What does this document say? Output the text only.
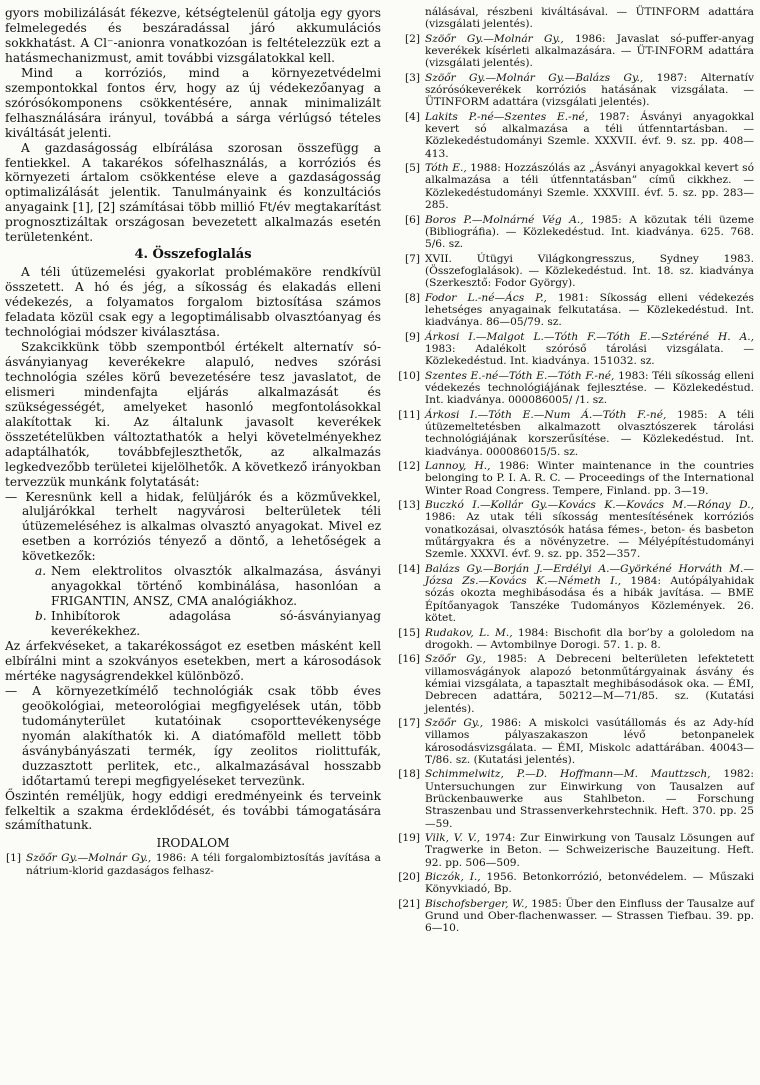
gyors mobilizálását fékezve, kétségtelenül gátolja egy gyors felmelegedés és beszáradással járó akkumulációs sokkhatást. A Cl⁻-anionra vonatkozóan is feltételezzük ezt a hatásmechanizmust, amit további vizsgálatokkal kell.

Mind a korróziós, mind a környezetvédelmi szempontokkal fontos érv, hogy az új védekezőanyag a szórósókomponens csökkentésére, annak minimalizált felhasználására irányul, továbbá a sárga vérlúgsó tételes kiváltását jelenti.

A gazdaságosság elbírálása szorosan összefügg a fentiekkel. A takarékos sófelhasználás, a korróziós és környezeti ártalom csökkentése eleve a gazdaságosság optimalizálását jelentik. Tanulmányaink és konzultációs anyagaink [1], [2] számításai több millió Ft/év megtakarítást prognosztizáltak országosan bevezetett alkalmazás esetén területenként.

4. Összefoglalás

A téli útüzemelési gyakorlat problémaköre rendkívül összetett. A hó és jég, a síkosság és elakadás elleni védekezés, a folyamatos forgalom biztosítása számos feladata közül csak egy a legoptimálisabb olvasztóanyag és technológiai módszer kiválasztása.

Szakcikkünk több szempontból értékelt alternatív só-ásványianyag keverékekre alapuló, nedves szórási technológia széles körű bevezetésére tesz javaslatot, de elismeri mindenfajta eljárás alkalmazását és szükségességét, amelyeket hasonló megfontolásokkal alakítottak ki. Az általunk javasolt keverékek összetételükben változtathatók a helyi követelményekhez adaptálhatók, továbbfejleszthetők, az alkalmazás legkedvezőbb területei kijelölhetők. A következő irányokban tervezzük munkánk folytatását:

— Keresnünk kell a hidak, felüljárók és a közművekkel, aluljárókkal terhelt nagyvárosi belterületek téli útüzemeléséhez is alkalmas olvasztó anyagokat. Mivel ez esetben a korróziós tényező a döntő, a lehetőségek a következők:

a. Nem elektrolitos olvasztók alkalmazása, ásványi anyagokkal történő kombinálása, hasonlóan a FRIGANTIN, ANSZ, CMA analógiákhoz.
b. Inhibítorok adagolása só-ásványianyag keverékekhez.

Az árfekvéseket, a takarékosságot ez esetben másként kell elbírálni mint a szokványos esetekben, mert a károsodások mértéke nagyságrendekkel különböző.

— A környezetkímélő technológiák csak több éves geoökológiai, meteorológiai megfigyelések után, több tudományterület kutatóinak csoporttevékenysége nyomán alakíthatók ki. A diatómaföld mellett több ásványbányászati termék, így zeolitos riolittufák, duzzasztott perlitek, etc., alkalmazásával hosszabb időtartamú terepi megfigyeléseket tervezünk.

Őszintén reméljük, hogy eddigi eredményeink és terveink felkeltik a szakma érdeklődését, és további támogatására számíthatunk.

IRODALOM
[1] Szöőr Gy.—Molnár Gy., 1986: A téli forgalombiztosítás javítása a nátrium-klorid gazdaságos felhasz-
nálásával, részbeni kiváltásával. — ÜTINFORM adattára (vizsgálati jelentés).
[2] Szöőr Gy.—Molnár Gy., 1986: Javaslat só-puffer-anyag keverékek kísérleti alkalmazására. — ÜT-INFORM adattára (vizsgálati jelentés).
[3] Szöőr Gy.—Molnár Gy.—Balázs Gy., 1987: Alternatív szórósókeverékek korróziós hatásának vizsgálata. — ÜTINFORM adattára (vizsgálati jelentés).
[4] Lakits P.-né—Szentes E.-né, 1987: Ásványi anyagokkal kevert só alkalmazása a téli útfenntartásban. — Közlekedéstudományi Szemle. XXXVII. évf. 9. sz. pp. 408—413.
[5] Tóth E., 1988: Hozzászólás az „Ásványi anyagokkal kevert só alkalmazása a téli útfenntatásban” című cikkhez. — Közlekedéstudományi Szemle. XXXVIII. évf. 5. sz. pp. 283—285.
[6] Boros P.—Molnárné Vég A., 1985: A közutak téli üzeme (Bibliográfia). — Közlekedéstud. Int. kiadványa. 625. 768. 5/6. sz.
[7] XVII. Útügyi Világkongresszus, Sydney 1983. (Összefoglalások). — Közlekedéstud. Int. 18. sz. kiadványa (Szerkesztő: Fodor György).
[8] Fodor L.-né—Ács P., 1981: Síkosság elleni védekezés lehetséges anyagainak felkutatása. — Közlekedéstud. Int. kiadványa. 86—05/79. sz.
[9] Árkosi I.—Malgot L.—Tóth F.—Tóth E.—Sztéréné H. A., 1983: Adalékolt szóróső tárolási vizsgálata. — Közlekedéstud. Int. kiadványa. 151032. sz.
[10] Szentes E.-né—Tóth E.—Tóth F.-né, 1983: Téli síkosság elleni védekezés technológiájának fejlesztése. — Közlekedéstud. Int. kiadványa. 000086005/ /1. sz.
[11] Árkosi I.—Tóth E.—Num Á.—Tóth F.-né, 1985: A téli útüzemeltetésben alkalmazott olvasztószerek tárolási technológiájának korszerűsítése. — Közlekedéstud. Int. kiadványa. 000086015/5. sz.
[12] Lannoy, H., 1986: Winter maintenance in the countries belonging to P. I. A. R. C. — Proceedings of the International Winter Road Congress. Tempere, Finland. pp. 3—19.
[13] Buczkó I.—Kollár Gy.—Kovács K.—Kovács M.—Rónay D., 1986: Az utak téli síkosság mentesítésének korróziós vonatkozásai, olvasztósók hatása fémes-, beton- és basbeton műtárgyakra és a növényzetre. — Mélyépítéstudományi Szemle. XXXVI. évf. 9. sz. pp. 352—357.
[14] Balázs Gy.—Borján J.—Erdélyi A.—Györkéné Horváth M.—Józsa Zs.—Kovács K.—Németh I., 1984: Autópályahidak sózás okozta meghibásodása és a hibák javítása. — BME Építőanyagok Tanszéke Tudományos Közlemények. 26. kötet.
[15] Rudakov, L. M., 1984: Bischofit dla bor’by a gololedom na drogokh. — Avtombilnye Dorogi. 57. 1. p. 8.
[16] Szöőr Gy., 1985: A Debreceni belterületen lefektetett villamosvágányok alapozó betonműtárgyainak ásvány és kémiai vizsgálata, a tapasztalt meghibásodások oka. — ÉMI, Debrecen adattára, 50212—M—71/85. sz. (Kutatási jelentés).
[17] Szöőr Gy., 1986: A miskolci vasútállomás és az Ady-híd villamos pályaszakaszon lévő betonpanelek károsodásvizsgálata. — ÉMI, Miskolc adattárában. 40043—T/86. sz. (Kutatási jelentés).
[18] Schimmelwitz, P.—D. Hoffmann—M. Mauttzsch, 1982: Untersuchungen zur Einwirkung von Tausalzen auf Brückenbauwerke aus Stahlbeton. — Forschung Straszenbau und Strassenverkehrstechnik. Heft. 370. pp. 25—59.
[19] Vilk, V. V., 1974: Zur Einwirkung von Tausalz Lösungen auf Tragwerke in Beton. — Schweizerische Bauzeitung. Heft. 92. pp. 506—509.
[20] Biczók, I., 1956. Betonkorrózió, betonvédelem. — Műszaki Könyvkiadó, Bp.
[21] Bischofsberger, W., 1985: Über den Einfluss der Tausalze auf Grund und Ober-flachenwasser. — Strassen Tiefbau. 39. pp. 6—10.
